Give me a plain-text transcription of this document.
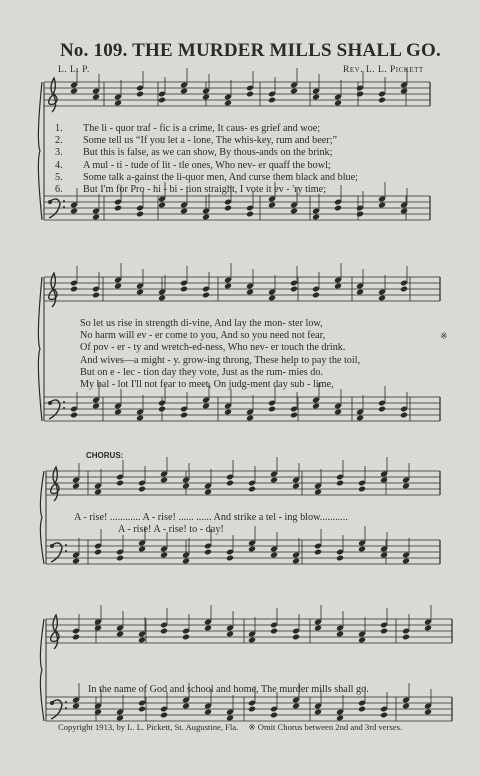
No. 109. THE MURDER MILLS SHALL GO.
L. L. P.	Rev. L. L. Pickett
1.	The li - quor traf - fic is a crime, It caus- es grief and woe;
2.	Some tell us “If you let a - lone, The whis-key, rum and beer;”
3.	But this is false, as we can show, By thous-ands on the brink;
4.	A mul - ti - tude of lit - tle ones, Who nev- er quaff the bowl;
5.	Some talk a-gainst the li-quor men, And curse them black and blue;
6.	But I'm for Pro - hi - bi - tion straight, I vote it ev - 'ry time;
So let us rise in strength di-vine, And lay the mon- ster low,
No harm will ev - er come to you, And so you need not fear,
Of pov - er - ty and wretch-ed-ness, Who nev- er touch the drink.
And wives—a might - y. grow-ing throng, These help to pay the toil,
But on e - lec - tion day they vote, Just as the rum- mies do.
My bal - lot I'll not fear to meet, On judg-ment day sub - lime,
※
CHORUS:
A - rise! ............ A - rise! ...... ...... And strike a tel - ing blow...........
A - rise! A - rise! to - day!
In the name of God and school and home, The murder mills shall go.
Copyright 1913, by L. L. Pickett, St. Augustine, Fla. ※ Omit Chorus between 2nd and 3rd verses.
